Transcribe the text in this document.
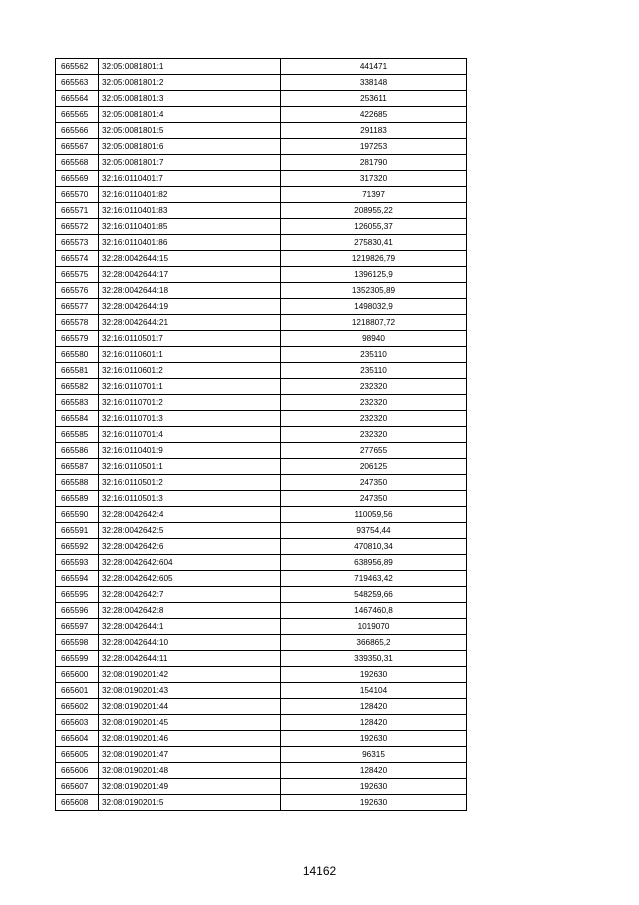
665562	32:05:0081801:1	441471
665563	32:05:0081801:2	338148
665564	32:05:0081801:3	253611
665565	32:05:0081801:4	422685
665566	32:05:0081801:5	291183
665567	32:05:0081801:6	197253
665568	32:05:0081801:7	281790
665569	32:16:0110401:7	317320
665570	32:16:0110401:82	71397
665571	32:16:0110401:83	208955,22
665572	32:16:0110401:85	126055,37
665573	32:16:0110401:86	275830,41
665574	32:28:0042644:15	1219826,79
665575	32:28:0042644:17	1396125,9
665576	32:28:0042644:18	1352305,89
665577	32:28:0042644:19	1498032,9
665578	32:28:0042644:21	1218807,72
665579	32:16:0110501:7	98940
665580	32:16:0110601:1	235110
665581	32:16:0110601:2	235110
665582	32:16:0110701:1	232320
665583	32:16:0110701:2	232320
665584	32:16:0110701:3	232320
665585	32:16:0110701:4	232320
665586	32:16:0110401:9	277655
665587	32:16:0110501:1	206125
665588	32:16:0110501:2	247350
665589	32:16:0110501:3	247350
665590	32:28:0042642:4	110059,56
665591	32:28:0042642:5	93754,44
665592	32:28:0042642:6	470810,34
665593	32:28:0042642:604	638956,89
665594	32:28:0042642:605	719463,42
665595	32:28:0042642:7	548259,66
665596	32:28:0042642:8	1467460,8
665597	32:28:0042644:1	1019070
665598	32:28:0042644:10	366865,2
665599	32:28:0042644:11	339350,31
665600	32:08:0190201:42	192630
665601	32:08:0190201:43	154104
665602	32:08:0190201:44	128420
665603	32:08:0190201:45	128420
665604	32:08:0190201:46	192630
665605	32:08:0190201:47	96315
665606	32:08:0190201:48	128420
665607	32:08:0190201:49	192630
665608	32:08:0190201:5	192630
14162
